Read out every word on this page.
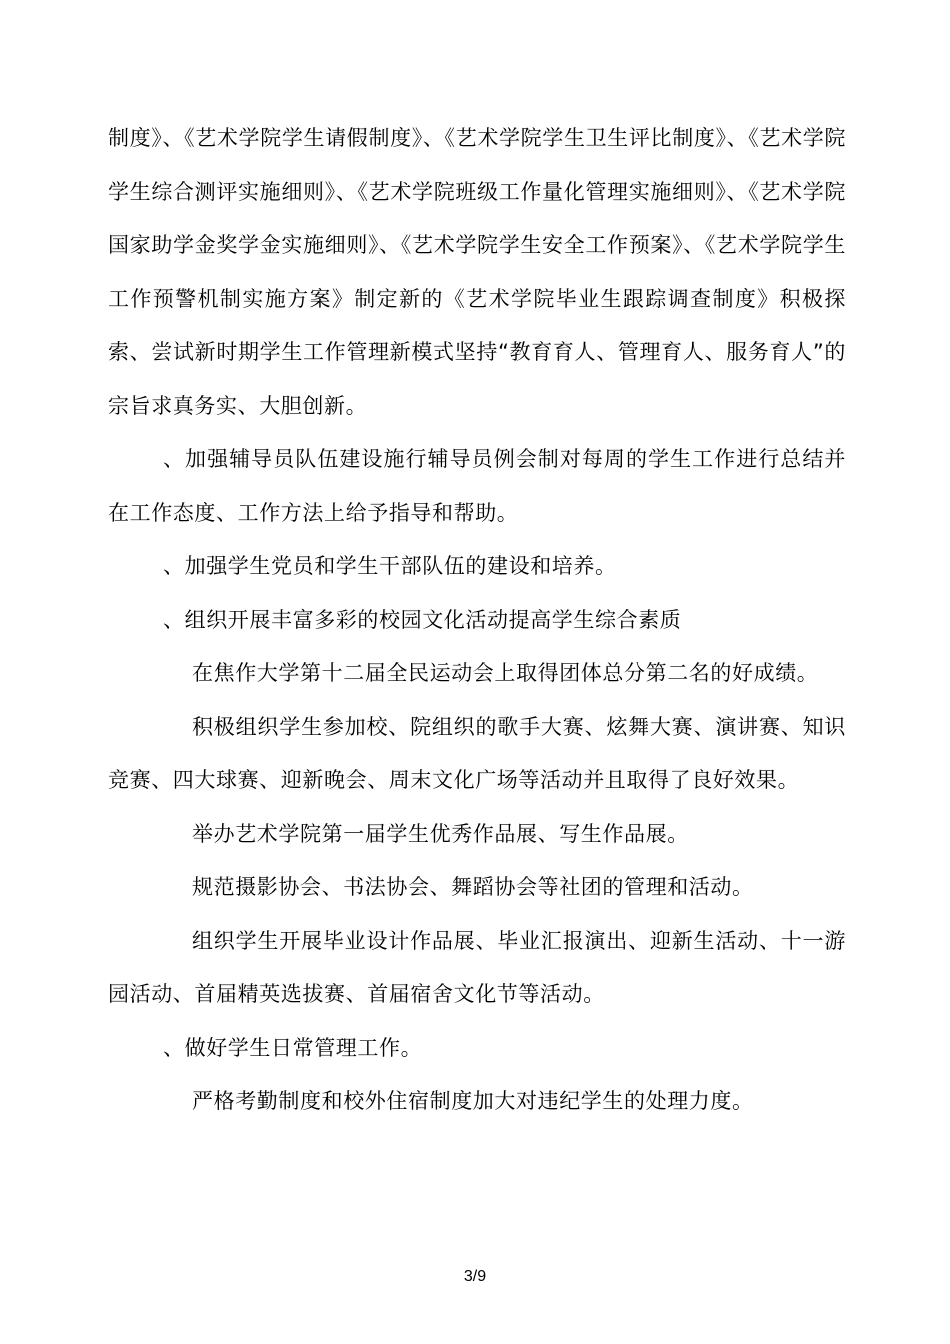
制度》、《艺术学院学生请假制度》、《艺术学院学生卫生评比制度》、《艺术学院学生综合测评实施细则》、《艺术学院班级工作量化管理实施细则》、《艺术学院国家助学金奖学金实施细则》、《艺术学院学生安全工作预案》、《艺术学院学生工作预警机制实施方案》制定新的《艺术学院毕业生跟踪调查制度》积极探索、尝试新时期学生工作管理新模式坚持“教育育人、管理育人、服务育人”的宗旨求真务实、大胆创新。

、加强辅导员队伍建设施行辅导员例会制对每周的学生工作进行总结并在工作态度、工作方法上给予指导和帮助。

、加强学生党员和学生干部队伍的建设和培养。

、组织开展丰富多彩的校园文化活动提高学生综合素质

在焦作大学第十二届全民运动会上取得团体总分第二名的好成绩。

积极组织学生参加校、院组织的歌手大赛、炫舞大赛、演讲赛、知识竞赛、四大球赛、迎新晚会、周末文化广场等活动并且取得了良好效果。

举办艺术学院第一届学生优秀作品展、写生作品展。

规范摄影协会、书法协会、舞蹈协会等社团的管理和活动。

组织学生开展毕业设计作品展、毕业汇报演出、迎新生活动、十一游园活动、首届精英选拔赛、首届宿舍文化节等活动。

、做好学生日常管理工作。

严格考勤制度和校外住宿制度加大对违纪学生的处理力度。

3/9
